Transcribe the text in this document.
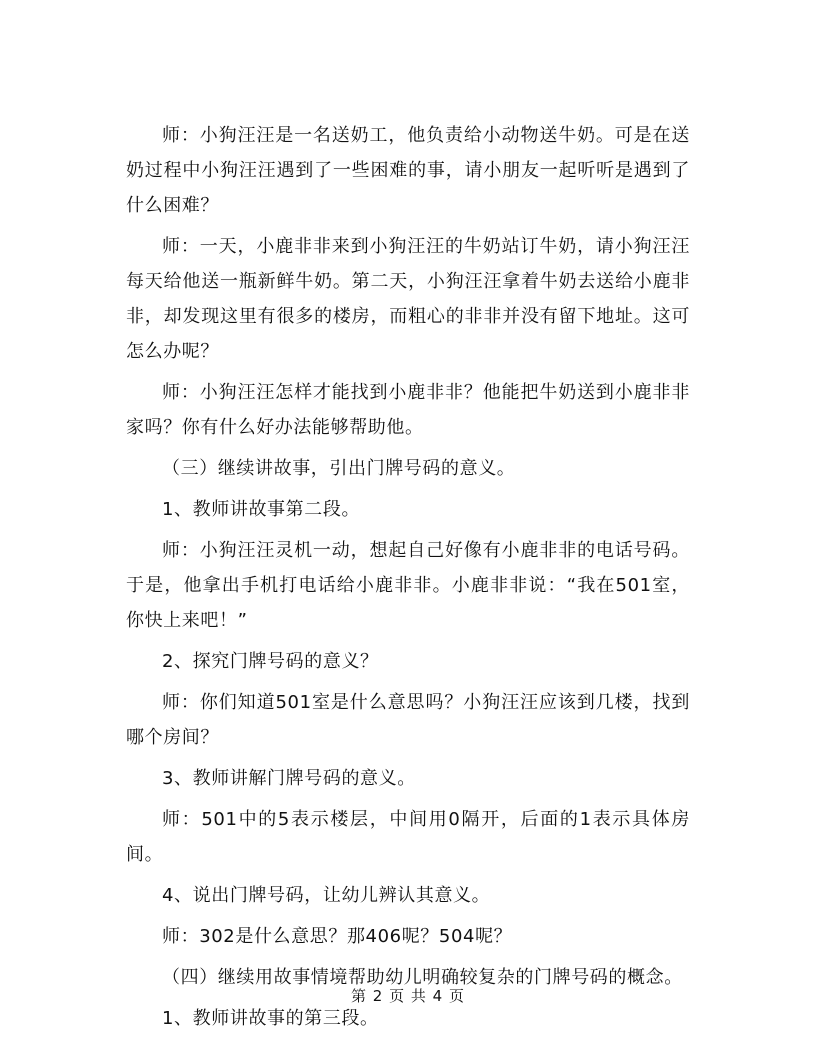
师：小狗汪汪是一名送奶工，他负责给小动物送牛奶。可是在送奶过程中小狗汪汪遇到了一些困难的事，请小朋友一起听听是遇到了什么困难？

师：一天，小鹿非非来到小狗汪汪的牛奶站订牛奶，请小狗汪汪每天给他送一瓶新鲜牛奶。第二天，小狗汪汪拿着牛奶去送给小鹿非非，却发现这里有很多的楼房，而粗心的非非并没有留下地址。这可怎么办呢？

师：小狗汪汪怎样才能找到小鹿非非？他能把牛奶送到小鹿非非家吗？你有什么好办法能够帮助他。

（三）继续讲故事，引出门牌号码的意义。

1、教师讲故事第二段。

师：小狗汪汪灵机一动，想起自己好像有小鹿非非的电话号码。于是，他拿出手机打电话给小鹿非非。小鹿非非说：“我在501室，你快上来吧！”

2、探究门牌号码的意义？

师：你们知道501室是什么意思吗？小狗汪汪应该到几楼，找到哪个房间？

3、教师讲解门牌号码的意义。

师：501中的5表示楼层，中间用0隔开，后面的1表示具体房间。

4、说出门牌号码，让幼儿辨认其意义。

师：302是什么意思？那406呢？504呢？

（四）继续用故事情境帮助幼儿明确较复杂的门牌号码的概念。

1、教师讲故事的第三段。

第 2 页 共 4 页
